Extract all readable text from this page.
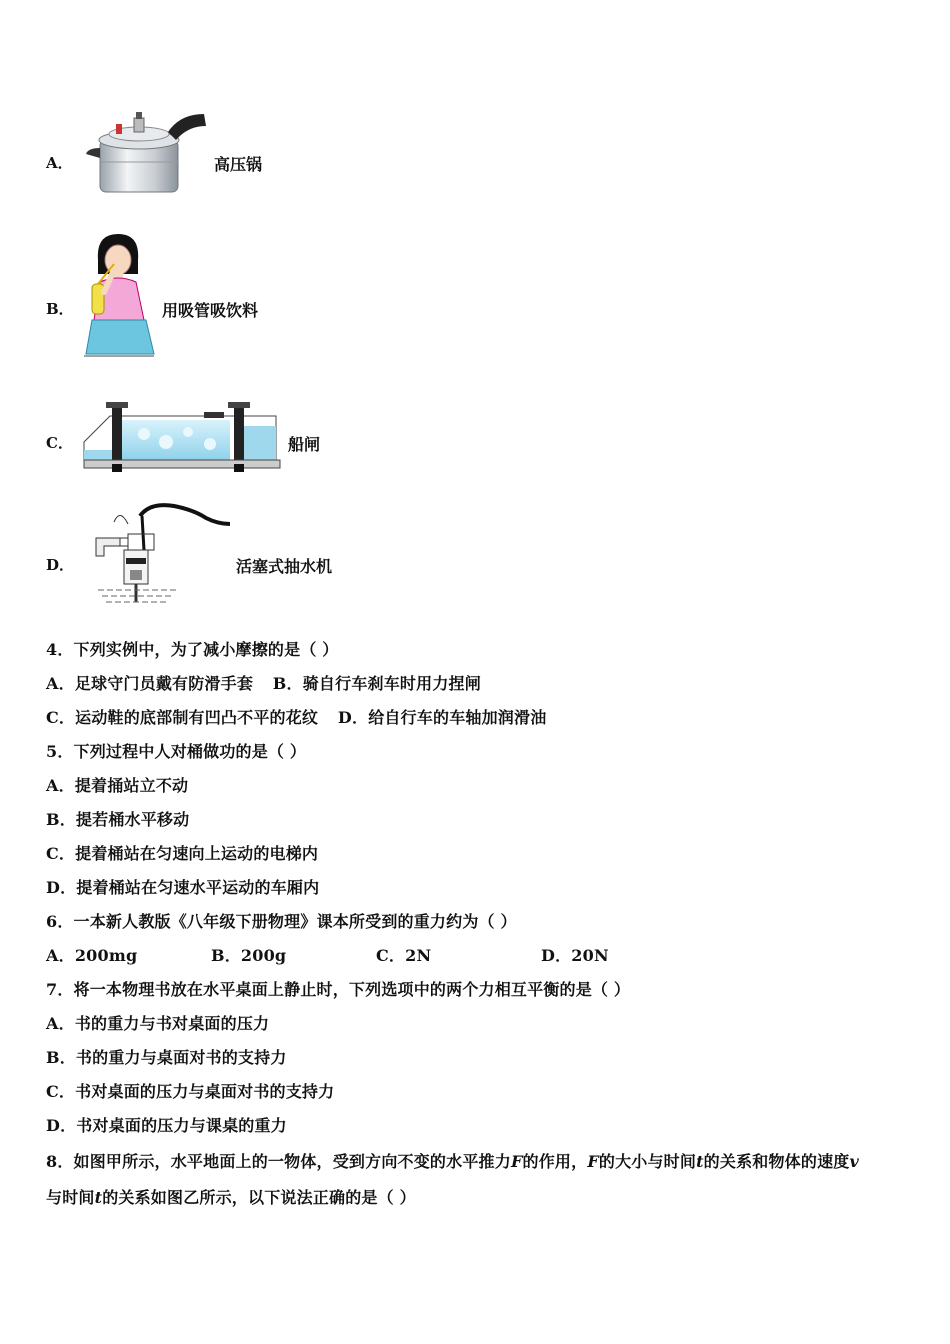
A．	高压锅
B．	用吸管吸饮料
C．	船闸
D．	活塞式抽水机
4．下列实例中，为了减小摩擦的是（ ）
A．足球守门员戴有防滑手套 B．骑自行车刹车时用力捏闸
C．运动鞋的底部制有凹凸不平的花纹 D．给自行车的车轴加润滑油
5．下列过程中人对桶做功的是（ ）
A．提着捅站立不动
B．提若桶水平移动
C．提着桶站在匀速向上运动的电梯内
D．提着桶站在匀速水平运动的车厢内
6．一本新人教版《八年级下册物理》课本所受到的重力约为（ ）
A．200mg	B．200g	C．2N	D．20N
7．将一本物理书放在水平桌面上静止时，下列选项中的两个力相互平衡的是（ ）
A．书的重力与书对桌面的压力
B．书的重力与桌面对书的支持力
C．书对桌面的压力与桌面对书的支持力
D．书对桌面的压力与课桌的重力
8．如图甲所示，水平地面上的一物体，受到方向不变的水平推力F的作用，F的大小与时间t的关系和物体的速度v
与时间t的关系如图乙所示，以下说法正确的是（ ）
